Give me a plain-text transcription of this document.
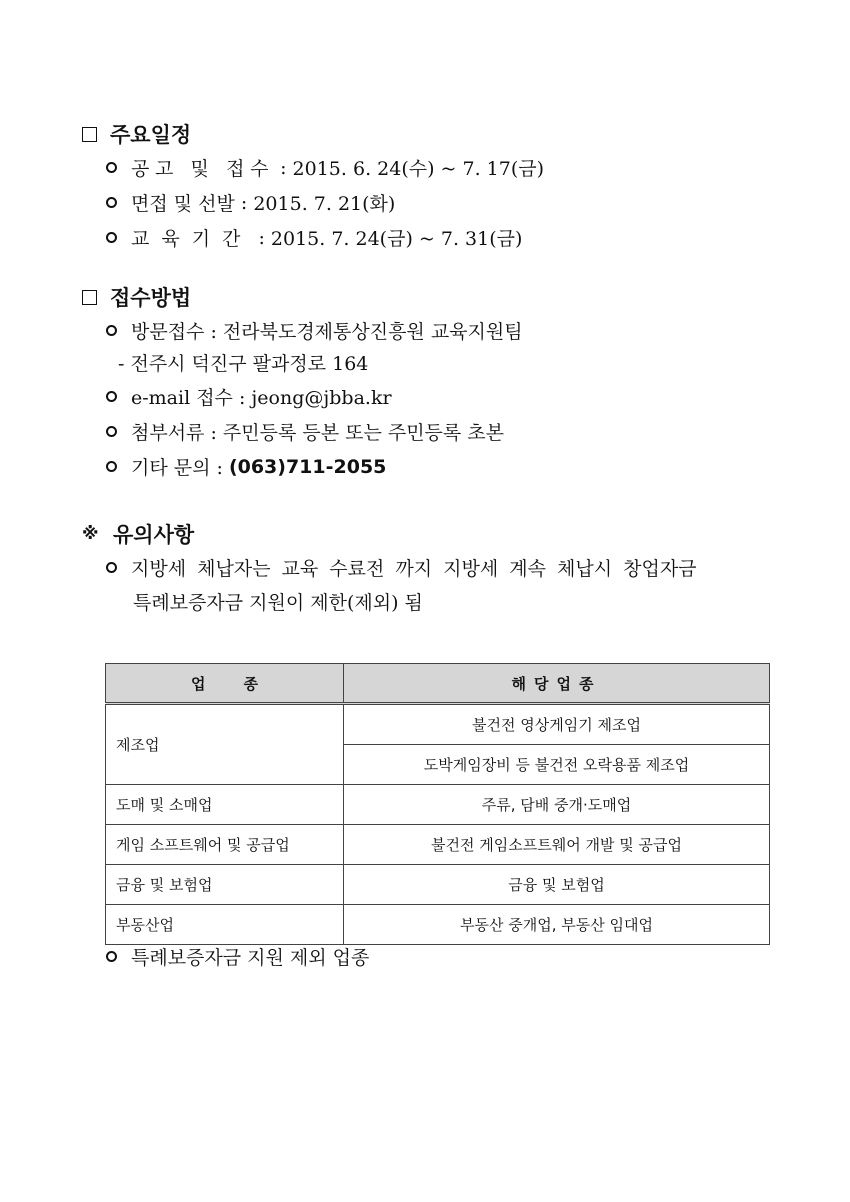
주요일정
공고 및 접수 : 2015. 6. 24(수) ~ 7. 17(금)
면접 및 선발 : 2015. 7. 21(화)
교육기간 : 2015. 7. 24(금) ~ 7. 31(금)
접수방법
방문접수 : 전라북도경제통상진흥원 교육지원팀
- 전주시 덕진구 팔과정로 164
e-mail 접수 : jeong@jbba.kr
첨부서류 : 주민등록 등본 또는 주민등록 초본
기타 문의 : (063)711-2055
※ 유의사항
지방세 체납자는 교육 수료전 까지 지방세 계속 체납시 창업자금
특례보증자금 지원이 제한(제외) 됨
업종	해당업종
제조업	불건전 영상게임기 제조업
	도박게임장비 등 불건전 오락용품 제조업
도매 및 소매업	주류, 담배 중개·도매업
게임 소프트웨어 및 공급업	불건전 게임소프트웨어 개발 및 공급업
금융 및 보험업	금융 및 보험업
부동산업	부동산 중개업, 부동산 임대업
특례보증자금 지원 제외 업종
